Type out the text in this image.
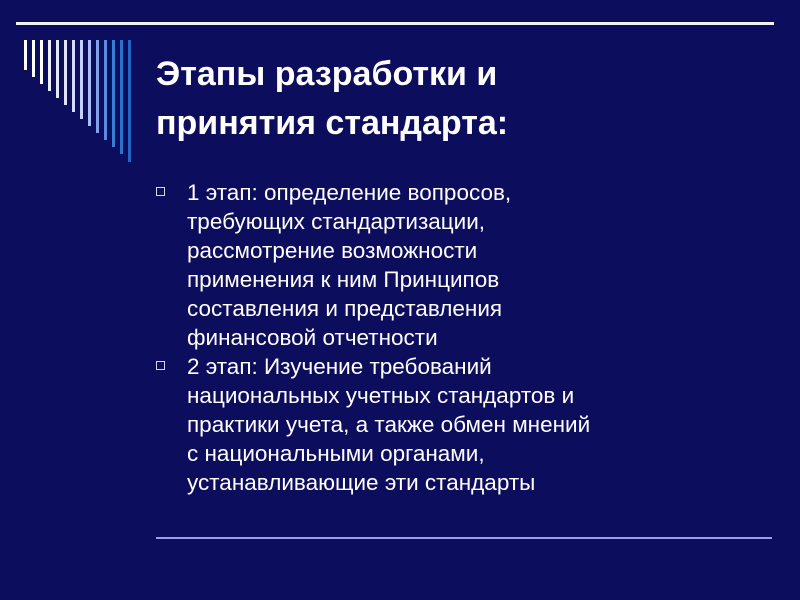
Этапы разработки и
принятия стандарта:
1 этап: определение вопросов,
требующих стандартизации,
рассмотрение возможности
применения к ним Принципов
составления и представления
финансовой отчетности
2 этап: Изучение требований
национальных учетных стандартов и
практики учета, а также обмен мнений
с национальными органами,
устанавливающие эти стандарты
